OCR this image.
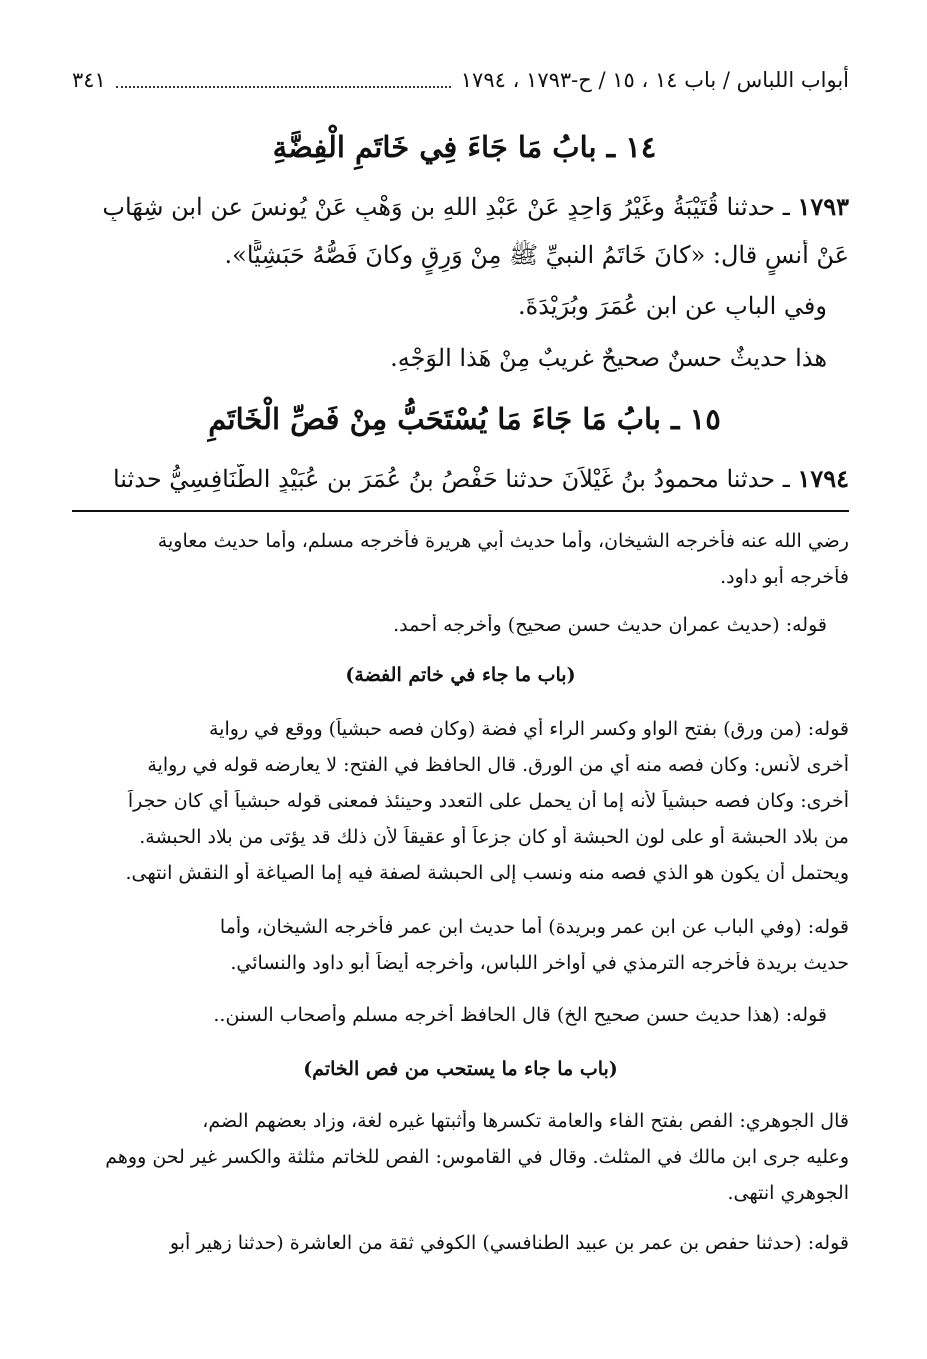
أبواب اللباس / باب ١٤ ، ١٥ / ح-١٧٩٣ ، ١٧٩٤
٣٤١
١٤ ـ بابُ مَا جَاءَ فِي خَاتَمِ الْفِضَّةِ
١٧٩٣ ـ حدثنا قُتَيْبَةُ وغَيْرُ وَاحِدٍ عَنْ عَبْدِ اللهِ بنِ وَهْبٍ عَنْ يُونسَ عن ابنِ شِهَابٍ
عَنْ أَنسٍ قال: «كانَ خَاتَمُ النبيِّ ﷺ مِنْ وَرِقٍ وكانَ فَصُّهُ حَبَشِيًّا».
وفي البابِ عن ابنِ عُمَرَ وبُرَيْدَةَ.
هذا حديثٌ حسنٌ صحيحٌ غريبٌ مِنْ هَذا الوَجْهِ.
١٥ ـ بابُ مَا جَاءَ مَا يُسْتَحَبُّ مِنْ فَصِّ الْخَاتَمِ
١٧٩٤ ـ حدثنا محمودُ بنُ غَيْلاَنَ حدثنا حَفْصُ بنُ عُمَرَ بن عُبَيْدٍ الطَّنَافِسِيُّ حدثنا
رضي الله عنه فأخرجه الشيخان، وأما حديث أبي هريرة فأخرجه مسلم، وأما حديث معاوية
فأخرجه أبو داود.
قوله: (حديث عمران حديث حسن صحيح) وأخرجه أحمد.
(باب ما جاء في خاتم الفضة)
قوله: (من ورق) بفتح الواو وكسر الراء أي فضة (وكان فصه حبشياً) ووقع في رواية
أخرى لأنس: وكان فصه منه أي من الورق. قال الحافظ في الفتح: لا يعارضه قوله في رواية
أخرى: وكان فصه حبشياً لأنه إما أن يحمل على التعدد وحينئذ فمعنى قوله حبشياً أي كان حجراً
من بلاد الحبشة أو على لون الحبشة أو كان جزعاً أو عقيقاً لأن ذلك قد يؤتى من بلاد الحبشة.
ويحتمل أن يكون هو الذي فصه منه ونسب إلى الحبشة لصفة فيه إما الصياغة أو النقش انتهى.
قوله: (وفي الباب عن ابن عمر وبريدة) أما حديث ابن عمر فأخرجه الشيخان، وأما
حديث بريدة فأخرجه الترمذي في أواخر اللباس، وأخرجه أيضاً أبو داود والنسائي.
قوله: (هذا حديث حسن صحيح الخ) قال الحافظ أخرجه مسلم وأصحاب السنن..
(باب ما جاء ما يستحب من فص الخاتم)
قال الجوهري: الفص بفتح الفاء والعامة تكسرها وأثبتها غيره لغة، وزاد بعضهم الضم،
وعليه جرى ابن مالك في المثلث. وقال في القاموس: الفص للخاتم مثلثة والكسر غير لحن ووهم
الجوهري انتهى.
قوله: (حدثنا حفص بن عمر بن عبيد الطنافسي) الكوفي ثقة من العاشرة (حدثنا زهير أبو
